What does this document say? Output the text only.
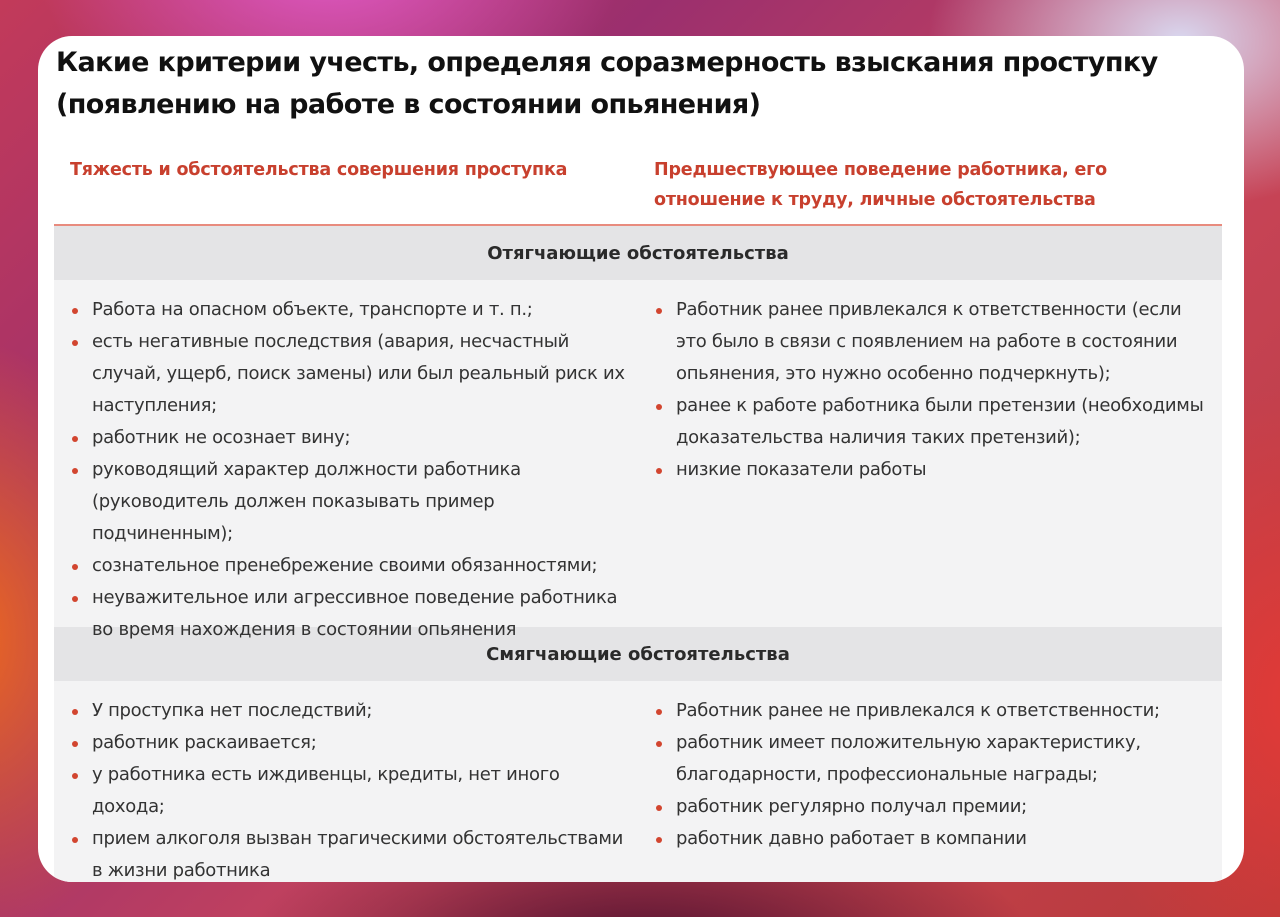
Какие критерии учесть, определяя соразмерность взыскания проступку (появлению на работе в состоянии опьянения)
Тяжесть и обстоятельства совершения проступка	Предшествующее поведение работника, его отношение к труду, личные обстоятельства
Отягчающие обстоятельства
Смягчающие обстоятельства
Работа на опасном объекте, транспорте и т. п.;
есть негативные последствия (авария, несчастный случай, ущерб, поиск замены) или был реальный риск их наступления;
работник не осознает вину;
руководящий характер должности работника (руководитель должен показывать пример подчиненным);
сознательное пренебрежение своими обязанностями;
неуважительное или агрессивное поведение работника во время нахождения в состоянии опьянения
Работник ранее привлекался к ответственности (если это было в связи с появлением на работе в состоянии опьянения, это нужно особенно подчеркнуть);
ранее к работе работника были претензии (необходимы доказательства наличия таких претензий);
низкие показатели работы
У проступка нет последствий;
работник раскаивается;
у работника есть иждивенцы, кредиты, нет иного дохода;
прием алкоголя вызван трагическими обстоятельствами в жизни работника
Работник ранее не привлекался к ответственности;
работник имеет положительную характеристику, благодарности, профессиональные награды;
работник регулярно получал премии;
работник давно работает в компании
